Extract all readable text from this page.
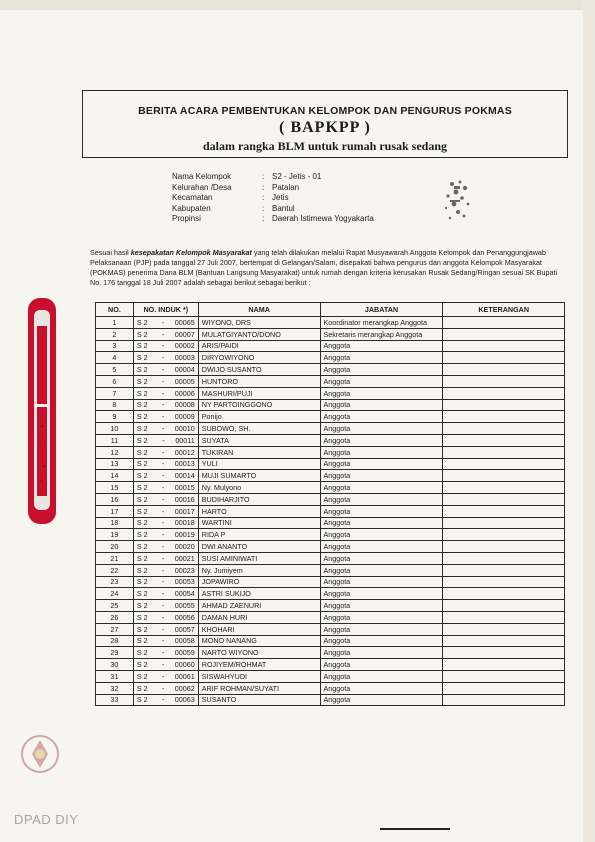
BERITA ACARA PEMBENTUKAN KELOMPOK DAN PENGURUS POKMAS
( BAPKPP )
dalam rangka BLM untuk rumah rusak sedang
Nama Kelompok	: S2 - Jetis - 01
Kelurahan /Desa	: Patalan
Kecamatan	: Jetis
Kabupaten	: Bantul
Propinsi	: Daerah Istimewa Yogyakarta
Sesuai hasil kesepakatan Kelompok Masyarakat yang telah dilakukan melalui Rapat Musyawarah Anggota Kelompok dan Penanggungjawab Pelaksanaan (PJP) pada tanggal 27 Juli 2007, bertempat di Gelangan/Salam, disepakati bahwa pengurus dan anggota Kelompok Masyarakat (POKMAS) penerima Dana BLM (Bantuan Langsung Masyarakat) untuk rumah dengan kriteria kerusakan Rusak Sedang/Ringan sesuai SK Bupati No. 176 tanggal 18 Juli 2007 adalah sebagai berikut sebagai berikut :
NO.	NO. INDUK *)	NAMA	JABATAN	KETERANGAN
1	S 2 - 00065	WIYONO, DRS	Koordinator merangkap Anggota	
2	S 2 - 00007	MULATGIYANTO/DONO	Sekretaris merangkap Anggota	
3	S 2 - 00002	ARIS/PAIDI	Anggota	
4	S 2 - 00003	DIRYOWIYONO	Anggota	
5	S 2 - 00004	DWIJO SUSANTO	Anggota	
6	S 2 - 00005	HUNTORO	Anggota	
7	S 2 - 00006	MASHURI/PUJI	Anggota	
8	S 2 - 00008	NY PARTOINGGONO	Anggota	
9	S 2 - 00009	Ponijo	Anggota	
10	S 2 - 00010	SUBOWO, SH.	Anggota	
11	S 2 - 00011	SUYATA	Anggota	
12	S 2 - 00012	TUKIRAN	Anggota	
13	S 2 - 00013	YULI	Anggota	
14	S 2 - 00014	MUJI SUMARTO	Anggota	
15	S 2 - 00015	Ny. Mulyono	Anggota	
16	S 2 - 00016	BUDIHARJITO	Anggota	
17	S 2 - 00017	HARTO	Anggota	
18	S 2 - 00018	WARTINI	Anggota	
19	S 2 - 00019	RIDA P	Anggota	
20	S 2 - 00020	DWI ANANTO	Anggota	
21	S 2 - 00021	SUSI AMINIWATI	Anggota	
22	S 2 - 00023	Ny. Jumiyem	Anggota	
23	S 2 - 00053	JOPAWIRO	Anggota	
24	S 2 - 00054	ASTRI SUKIJO	Anggota	
25	S 2 - 00055	AHMAD ZAENURI	Anggota	
26	S 2 - 00056	DAMAN HURI	Anggota	
27	S 2 - 00057	KHOHARI	Anggota	
28	S 2 - 00058	MONO NANANG	Anggota	
29	S 2 - 00059	NARTO WIYONO	Anggota	
30	S 2 - 00060	ROJIYEM/ROHMAT	Anggota	
31	S 2 - 00061	SISWAHYUDI	Anggota	
32	S 2 - 00062	ARIF ROHMAN/SUYATI	Anggota	
33	S 2 - 00063	SUSANTO	Anggota	
DPAD DIY
